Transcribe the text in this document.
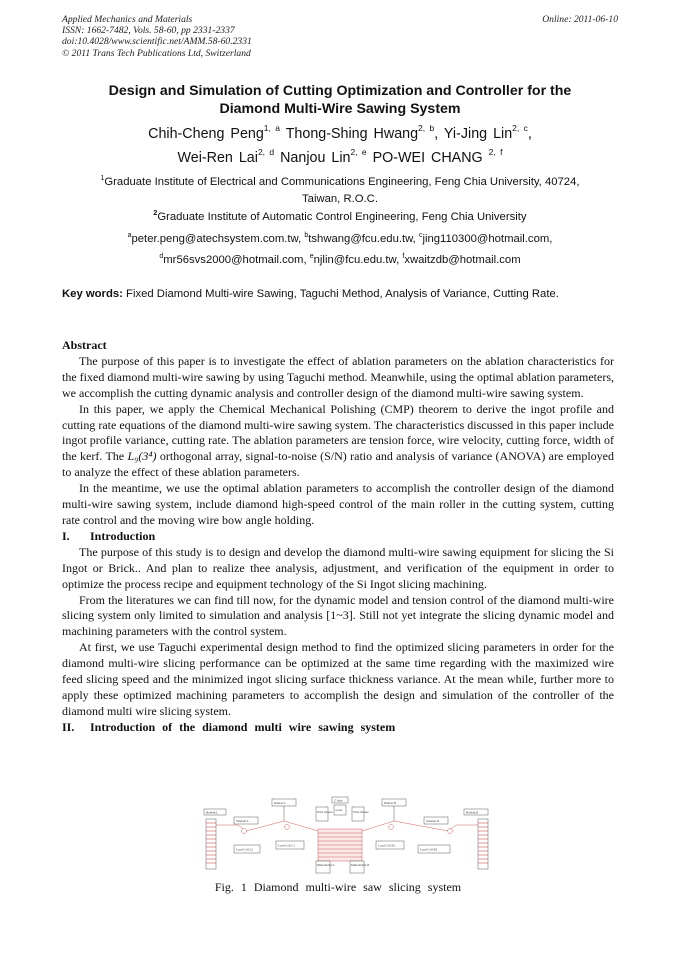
Applied Mechanics and Materials
ISSN: 1662-7482, Vols. 58-60, pp 2331-2337
doi:10.4028/www.scientific.net/AMM.58-60.2331
© 2011 Trans Tech Publications Ltd, Switzerland
Online: 2011-06-10
Design and Simulation of Cutting Optimization and Controller for the
Diamond Multi-Wire Sawing System
Chih-Cheng Peng$^{1, a}$ Thong-Shing Hwang$^{2, b}$, Yi-Jing Lin$^{2, c}$,
Wei-Ren Lai$^{2, d}$ Nanjou Lin$^{2, e}$ PO-WEI CHANG $^{2, f}$
$^1$Graduate Institute of Electrical and Communications Engineering, Feng Chia University, 40724,
Taiwan, R.O.C.
$^2$Graduate Institute of Automatic Control Engineering, Feng Chia University
$^a$peter.peng@atechsystem.com.tw, $^b$tshwang@fcu.edu.tw, $^c$jing110300@hotmail.com,
$^d$mr56svs2000@hotmail.com, $^e$njlin@fcu.edu.tw, $^f$xwaitzdb@hotmail.com
Key words: Fixed Diamond Multi-wire Sawing, Taguchi Method, Analysis of Variance, Cutting Rate.
Abstract

The purpose of this paper is to investigate the effect of ablation parameters on the ablation characteristics for the fixed diamond multi-wire sawing by using Taguchi method. Meanwhile, using the optimal ablation parameters, we accomplish the cutting dynamic analysis and controller design of the diamond multi-wire sawing system.

In this paper, we apply the Chemical Mechanical Polishing (CMP) theorem to derive the ingot profile and cutting rate equations of the diamond multi-wire sawing system. The characteristics discussed in this paper include ingot profile variance, cutting rate. The ablation parameters are tension force, wire velocity, cutting force, width of the kerf. The L₉(3⁴) orthogonal array, signal-to-noise (S/N) ratio and analysis of variance (ANOVA) are employed to analyze the effect of these ablation parameters.

In the meantime, we use the optimal ablation parameters to accomplish the controller design of the diamond multi-wire sawing system, include diamond high-speed control of the main roller in the cutting system, cutting rate control and the moving wire bow angle holding.

I. Introduction

The purpose of this study is to design and develop the diamond multi-wire sawing equipment for slicing the Si Ingot or Brick.. And plan to realize thee analysis, adjustment, and verification of the equipment in order to optimize the process recipe and equipment technology of the Si Ingot slicing machining.

From the literatures we can find till now, for the dynamic model and tension control of the diamond multi-wire slicing system only limited to simulation and analysis [1~3]. Still not yet integrate the slicing dynamic model and machining parameters with the control system.

At first, we use Taguchi experimental design method to find the optimized slicing parameters in order for the diamond multi-wire slicing performance can be optimized at the same time regarding with the maximized wire feed slicing speed and the minimized ingot slicing surface thickness variance. At the mean while, further more to apply these optimized machining parameters to accomplish the design and simulation of the controller of the diamond multi wire slicing system.

II. Introduction of the diamond multi wire sawing system
Bobbin L	Bobbin R
Dancer L	Dancer R
Tension L	Tension R
Z Axis
Load
Wire Sensor	Wire Sensor
Load Cell L2
Load Cell L1	Load Cell R1
Load Cell R2
Main Roller L	Main Roller R
Fig. 1 Diamond multi-wire saw slicing system
